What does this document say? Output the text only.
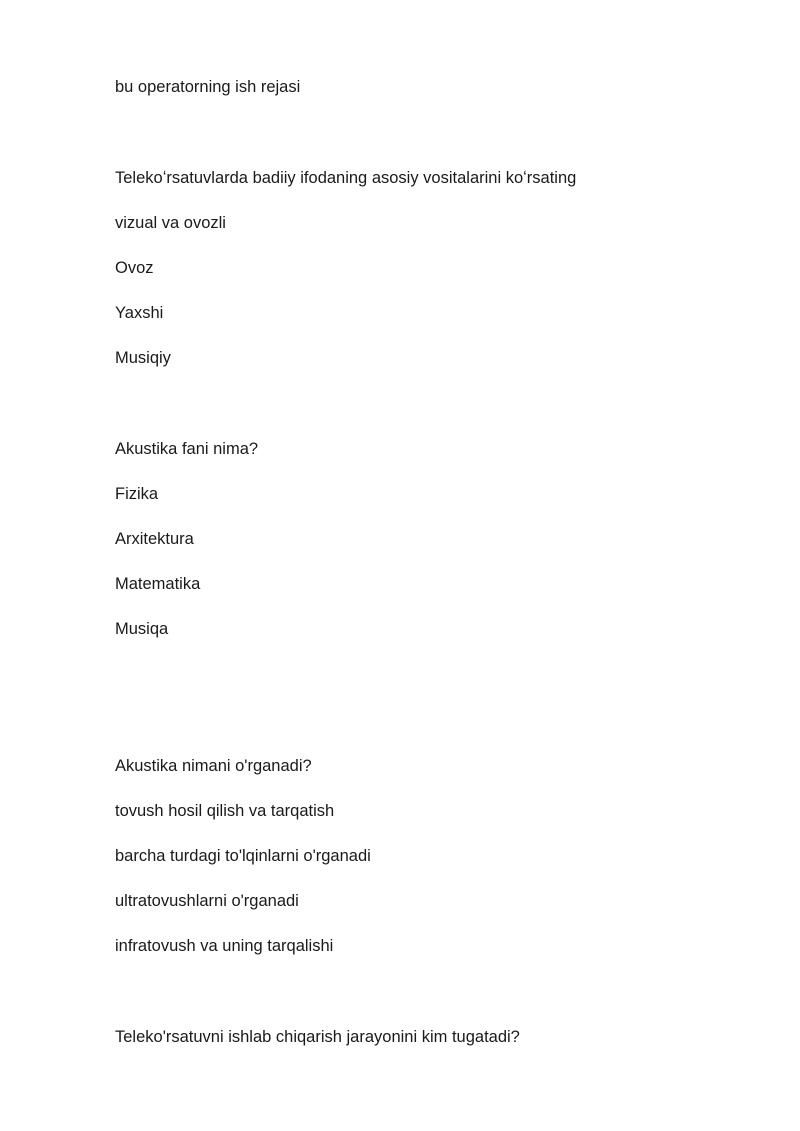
bu operatorning ish rejasi
Telekoʻrsatuvlarda badiiy ifodaning asosiy vositalarini koʻrsating
vizual va ovozli
Ovoz
Yaxshi
Musiqiy
Akustika fani nima?
Fizika
Arxitektura
Matematika
Musiqa
Akustika nimani o'rganadi?
tovush hosil qilish va tarqatish
barcha turdagi to'lqinlarni o'rganadi
ultratovushlarni o'rganadi
infratovush va uning tarqalishi
Teleko'rsatuvni ishlab chiqarish jarayonini kim tugatadi?
